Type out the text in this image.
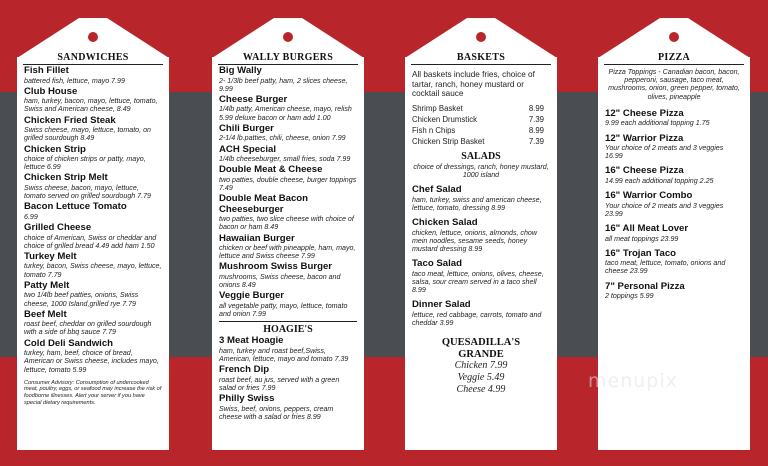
SANDWICHES
Fish Fillet
battered fish, lettuce, mayo 7.99
Club House
ham, turkey, bacon, mayo, lettuce, tomato, Swiss and American cheese, 8.49
Chicken Fried Steak
Swiss cheese, mayo, lettuce, tomato, on grilled sourdough 8.49
Chicken Strip
choice of chicken strips or patty, mayo, lettuce 6.99
Chicken Strip Melt
Swiss cheese, bacon, mayo, lettuce, tomato served on grilled sourdough 7.79
Bacon Lettuce Tomato
6.99
Grilled Cheese
choice of American, Swiss or cheddar and choice of grilled bread 4.49 add ham 1.50
Turkey Melt
turkey, bacon, Swiss cheese, mayo, lettuce, tomato 7.79
Patty Melt
two 1/4lb beef patties, onions, Swiss cheese, 1000 Island,grilled rye 7.79
Beef Melt
roast beef, cheddar on grilled sourdough with a side of bbq sauce 7.79
Cold Deli Sandwich
turkey, ham, beef, choice of bread, American or Swiss cheese, includes mayo, lettuce, tomato 5.99
Consumer Advisory: Consumption of undercooked meat, poultry, eggs, or seafood may increase the risk of foodborne illnesses. Alert your server if you have special dietary requirements.
WALLY BURGERS
Big Wally
2- 1/3lb beef patty, ham, 2 slices cheese, 9.99
Cheese Burger
1/4lb patty, American cheese, mayo, relish 5.99 deluxe bacon or ham add 1.00
Chili Burger
2-1/4 lb.patties, chili, cheese, onion 7.99
ACH Special
1/4lb cheeseburger, small fries, soda 7.99
Double Meat & Cheese
two patties, double cheese, burger toppings 7.49
Double Meat Bacon Cheeseburger
two patties, two slice cheese with choice of bacon or ham 8.49
Hawaiian Burger
chicken or beef with pineapple, ham, mayo, lettuce and Swiss cheese 7.99
Mushroom Swiss Burger
mushrooms, Swiss cheese, bacon and onions 8.49
Veggie Burger
all vegetable patty, mayo, lettuce, tomato and onion 7.99
HOAGIE'S
3 Meat Hoagie
ham, turkey and roast beef,Swiss, American, lettuce, mayo and tomato 7.39
French Dip
roast beef, au jus, served with a green salad or fries 7.99
Philly Swiss
Swiss, beef, onions, peppers, cream cheese with a salad or fries 8.99
BASKETS
All baskets include fries, choice of tartar, ranch, honey mustard or cocktail sauce
Shrimp Basket	8.99
Chicken Drumstick	7.39
Fish n Chips	8.99
Chicken Strip Basket	7.39
SALADS
choice of dressings, ranch, honey mustard, 1000 island
Chef Salad
ham, turkey, swiss and american cheese, lettuce, tomato, dressing 8.99
Chicken Salad
chicken, lettuce, onions, almonds, chow mein noodles, sesame seeds, honey mustard dressing 8.99
Taco Salad
taco meat, lettuce, onions, olives, cheese, salsa, sour cream served in a taco shell 8.99
Dinner Salad
lettuce, red cabbage, carrots, tomato and cheddar 3.99
QUESADILLA'S
GRANDE
Chicken 7.99
Veggie 5.49
Cheese 4.99
PIZZA
Pizza Toppings - Canadian bacon, bacon, pepperoni, sausage, taco meat, mushrooms, onion, green pepper, tomato, olives, pineapple
12" Cheese Pizza
9.99 each additional topping 1.75
12" Warrior Pizza
Your choice of 2 meats and 3 veggies 16.99
16" Cheese Pizza
14.99 each additional topping 2.25
16" Warrior Combo
Your choice of 2 meats and 3 veggies 23.99
16" All Meat Lover
all meat toppings 23.99
16" Trojan Taco
taco meat, lettuce, tomato, onions and cheese 23.99
7" Personal Pizza
2 toppings 5.99
menupix
